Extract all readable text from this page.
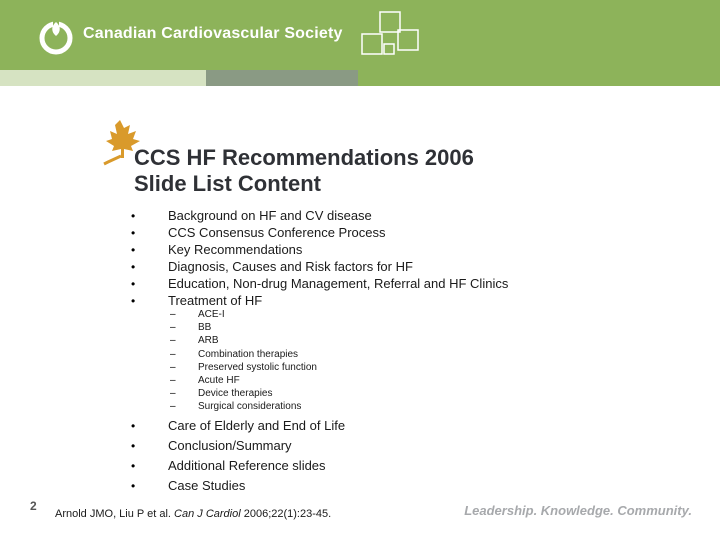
Canadian Cardiovascular Society
CCS HF Recommendations 2006
Slide List Content
•	Background on HF and CV disease
•	CCS Consensus Conference Process
•	Key Recommendations
•	Diagnosis, Causes and Risk factors for HF
•	Education, Non-drug Management, Referral and HF Clinics
•	Treatment of HF
– ACE-I
– BB
– ARB
– Combination therapies
– Preserved systolic function
– Acute HF
– Device therapies
– Surgical considerations
•	Care of Elderly and End of Life
•	Conclusion/Summary
•	Additional Reference slides
•	Case Studies
2
Arnold JMO, Liu P et al. Can J Cardiol 2006;22(1):23-45.	Leadership. Knowledge. Community.
